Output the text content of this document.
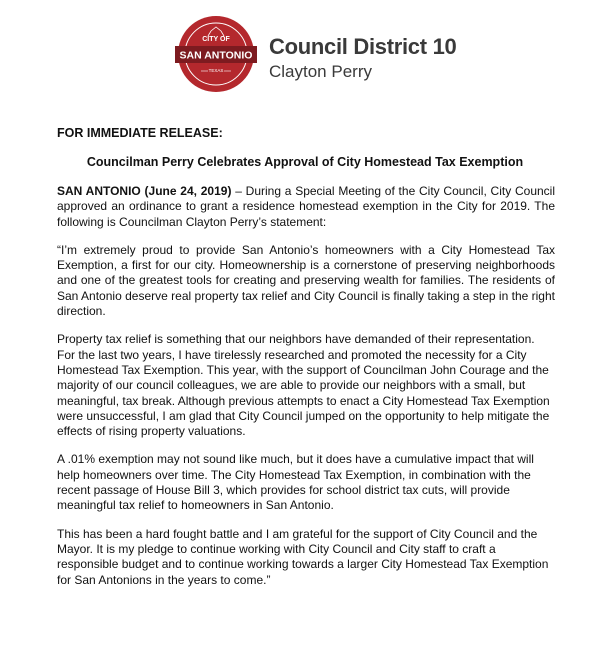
CITY OF
SAN ANTONIO
TEXAS
Council District 10
Clayton Perry
FOR IMMEDIATE RELEASE:
Councilman Perry Celebrates Approval of City Homestead Tax Exemption

SAN ANTONIO (June 24, 2019) – During a Special Meeting of the City Council, City Council approved an ordinance to grant a residence homestead exemption in the City for 2019. The following is Councilman Clayton Perry’s statement:

“I’m extremely proud to provide San Antonio’s homeowners with a City Homestead Tax Exemption, a first for our city. Homeownership is a cornerstone of preserving neighborhoods and one of the greatest tools for creating and preserving wealth for families. The residents of San Antonio deserve real property tax relief and City Council is finally taking a step in the right direction.

Property tax relief is something that our neighbors have demanded of their representation. For the last two years, I have tirelessly researched and promoted the necessity for a City Homestead Tax Exemption. This year, with the support of Councilman John Courage and the majority of our council colleagues, we are able to provide our neighbors with a small, but meaningful, tax break. Although previous attempts to enact a City Homestead Tax Exemption were unsuccessful, I am glad that City Council jumped on the opportunity to help mitigate the effects of rising property valuations.

A .01% exemption may not sound like much, but it does have a cumulative impact that will help homeowners over time. The City Homestead Tax Exemption, in combination with the recent passage of House Bill 3, which provides for school district tax cuts, will provide meaningful tax relief to homeowners in San Antonio.

This has been a hard fought battle and I am grateful for the support of City Council and the Mayor. It is my pledge to continue working with City Council and City staff to craft a responsible budget and to continue working towards a larger City Homestead Tax Exemption for San Antonions in the years to come.”
